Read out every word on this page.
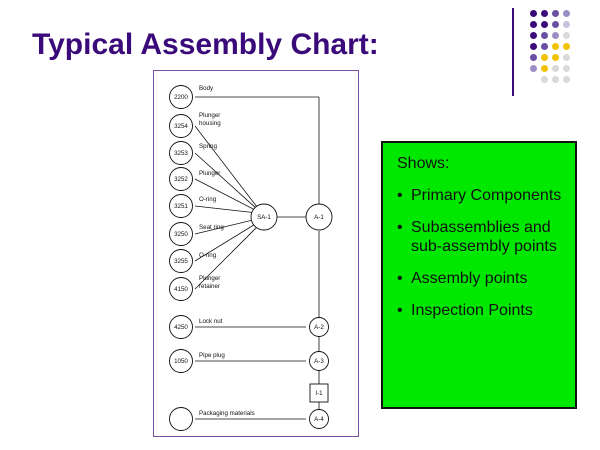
Typical Assembly Chart:
2200
3254
3253
3252
3251
3250
3255
4150
4250
1050
Body
Plunger
housing
Spring
Plunger
O-ring
Seat ring
O-ring
Plunger
retainer
Lock nut
Pipe plug
Packaging materials
SA-1	A-1
A-2
A-3
I-1
A-4
Shows:
• Primary Components
• Subassemblies and sub-assembly points
• Assembly points
• Inspection Points
